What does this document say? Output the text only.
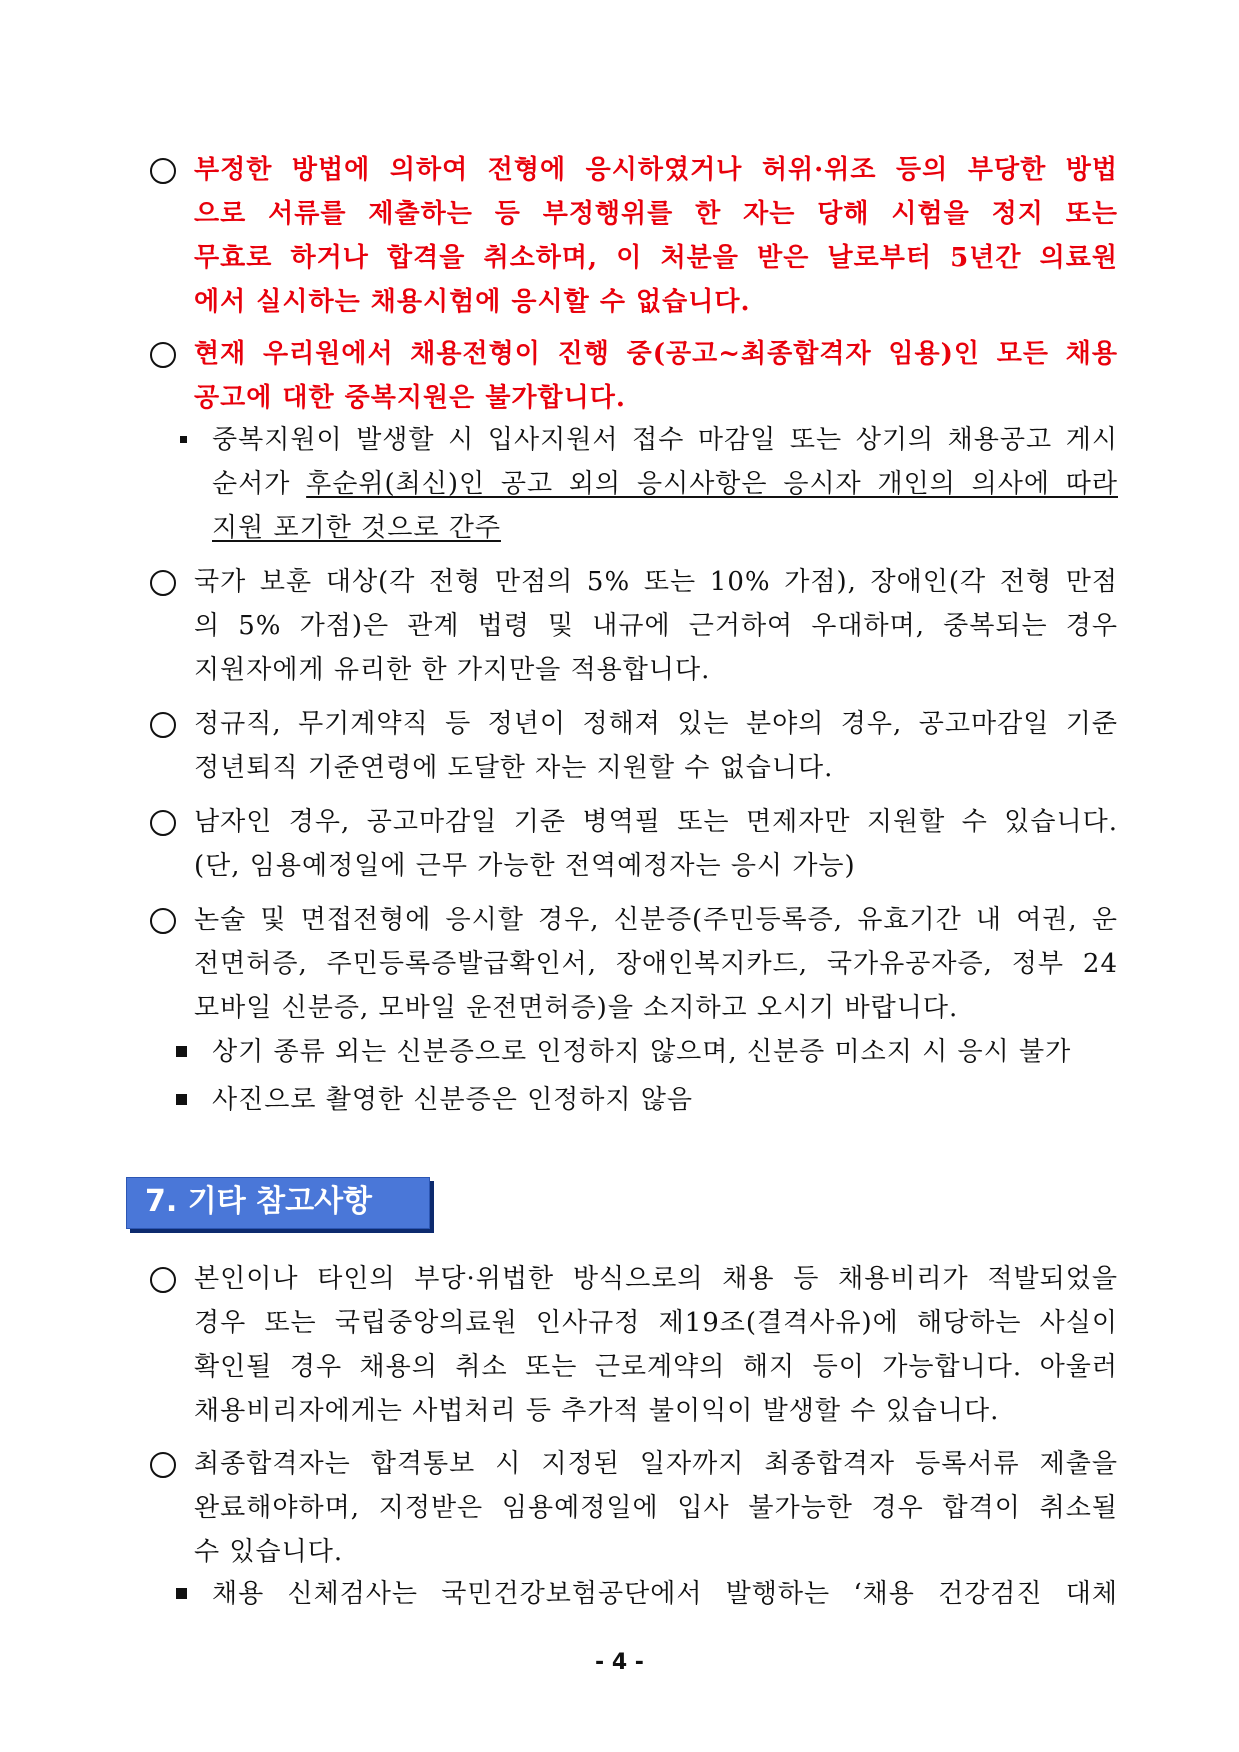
부정한 방법에 의하여 전형에 응시하였거나 허위·위조 등의 부당한 방법
으로 서류를 제출하는 등 부정행위를 한 자는 당해 시험을 정지 또는
무효로 하거나 합격을 취소하며, 이 처분을 받은 날로부터 5년간 의료원
에서 실시하는 채용시험에 응시할 수 없습니다.
현재 우리원에서 채용전형이 진행 중(공고~최종합격자 임용)인 모든 채용
공고에 대한 중복지원은 불가합니다.
중복지원이 발생할 시 입사지원서 접수 마감일 또는 상기의 채용공고 게시
순서가 후순위(최신)인 공고 외의 응시사항은 응시자 개인의 의사에 따라
지원 포기한 것으로 간주
국가 보훈 대상(각 전형 만점의 5% 또는 10% 가점), 장애인(각 전형 만점
의 5% 가점)은 관계 법령 및 내규에 근거하여 우대하며, 중복되는 경우
지원자에게 유리한 한 가지만을 적용합니다.
정규직, 무기계약직 등 정년이 정해져 있는 분야의 경우, 공고마감일 기준
정년퇴직 기준연령에 도달한 자는 지원할 수 없습니다.
남자인 경우, 공고마감일 기준 병역필 또는 면제자만 지원할 수 있습니다.
(단, 임용예정일에 근무 가능한 전역예정자는 응시 가능)
논술 및 면접전형에 응시할 경우, 신분증(주민등록증, 유효기간 내 여권, 운
전면허증, 주민등록증발급확인서, 장애인복지카드, 국가유공자증, 정부 24
모바일 신분증, 모바일 운전면허증)을 소지하고 오시기 바랍니다.
상기 종류 외는 신분증으로 인정하지 않으며, 신분증 미소지 시 응시 불가
사진으로 촬영한 신분증은 인정하지 않음
7. 기타 참고사항
본인이나 타인의 부당·위법한 방식으로의 채용 등 채용비리가 적발되었을
경우 또는 국립중앙의료원 인사규정 제19조(결격사유)에 해당하는 사실이
확인될 경우 채용의 취소 또는 근로계약의 해지 등이 가능합니다. 아울러
채용비리자에게는 사법처리 등 추가적 불이익이 발생할 수 있습니다.
최종합격자는 합격통보 시 지정된 일자까지 최종합격자 등록서류 제출을
완료해야하며, 지정받은 임용예정일에 입사 불가능한 경우 합격이 취소될
수 있습니다.
채용 신체검사는 국민건강보험공단에서 발행하는 ‘채용 건강검진 대체
- 4 -
